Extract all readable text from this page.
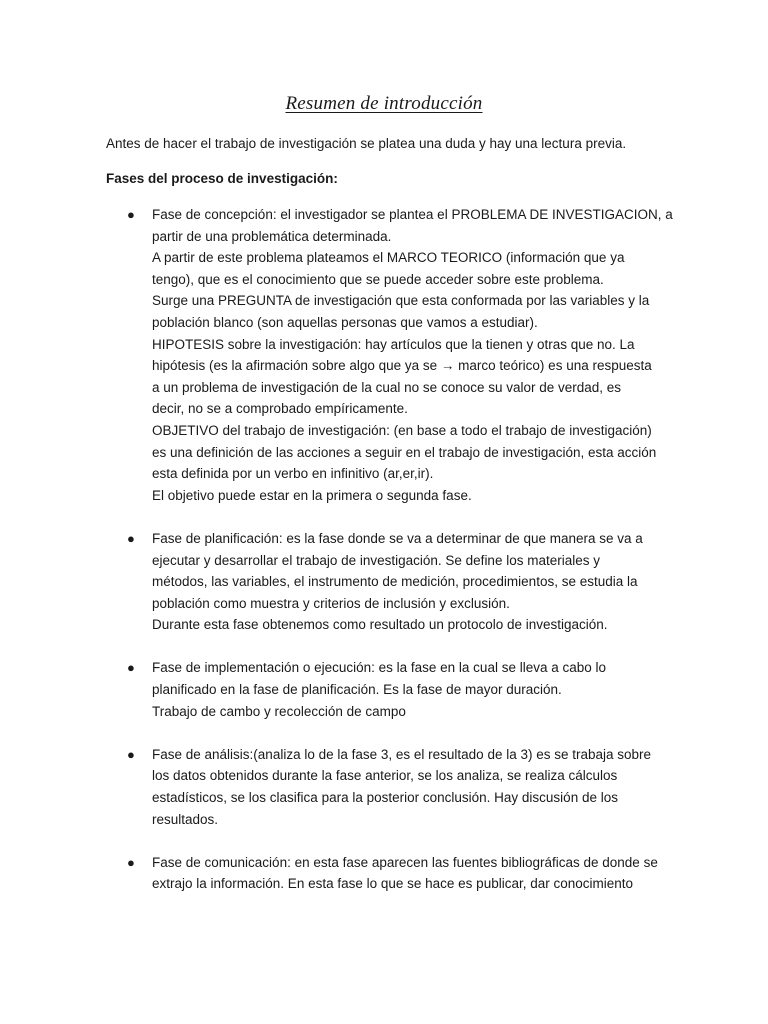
Resumen de introducción
Antes de hacer el trabajo de investigación se platea una duda y hay una lectura previa.
Fases del proceso de investigación:
●	Fase de concepción: el investigador se plantea el PROBLEMA DE INVESTIGACION, a
partir de una problemática determinada.
A partir de este problema plateamos el MARCO TEORICO (información que ya
tengo), que es el conocimiento que se puede acceder sobre este problema.
Surge una PREGUNTA de investigación que esta conformada por las variables y la
población blanco (son aquellas personas que vamos a estudiar).
HIPOTESIS sobre la investigación: hay artículos que la tienen y otras que no. La
hipótesis (es la afirmación sobre algo que ya se → marco teórico) es una respuesta
a un problema de investigación de la cual no se conoce su valor de verdad, es
decir, no se a comprobado empíricamente.
OBJETIVO del trabajo de investigación: (en base a todo el trabajo de investigación)
es una definición de las acciones a seguir en el trabajo de investigación, esta acción
esta definida por un verbo en infinitivo (ar,er,ir).
El objetivo puede estar en la primera o segunda fase.
●	Fase de planificación: es la fase donde se va a determinar de que manera se va a
ejecutar y desarrollar el trabajo de investigación. Se define los materiales y
métodos, las variables, el instrumento de medición, procedimientos, se estudia la
población como muestra y criterios de inclusión y exclusión.
Durante esta fase obtenemos como resultado un protocolo de investigación.
●	Fase de implementación o ejecución: es la fase en la cual se lleva a cabo lo
planificado en la fase de planificación. Es la fase de mayor duración.
Trabajo de cambo y recolección de campo
●	Fase de análisis:(analiza lo de la fase 3, es el resultado de la 3) es se trabaja sobre
los datos obtenidos durante la fase anterior, se los analiza, se realiza cálculos
estadísticos, se los clasifica para la posterior conclusión. Hay discusión de los
resultados.
●	Fase de comunicación: en esta fase aparecen las fuentes bibliográficas de donde se
extrajo la información. En esta fase lo que se hace es publicar, dar conocimiento
